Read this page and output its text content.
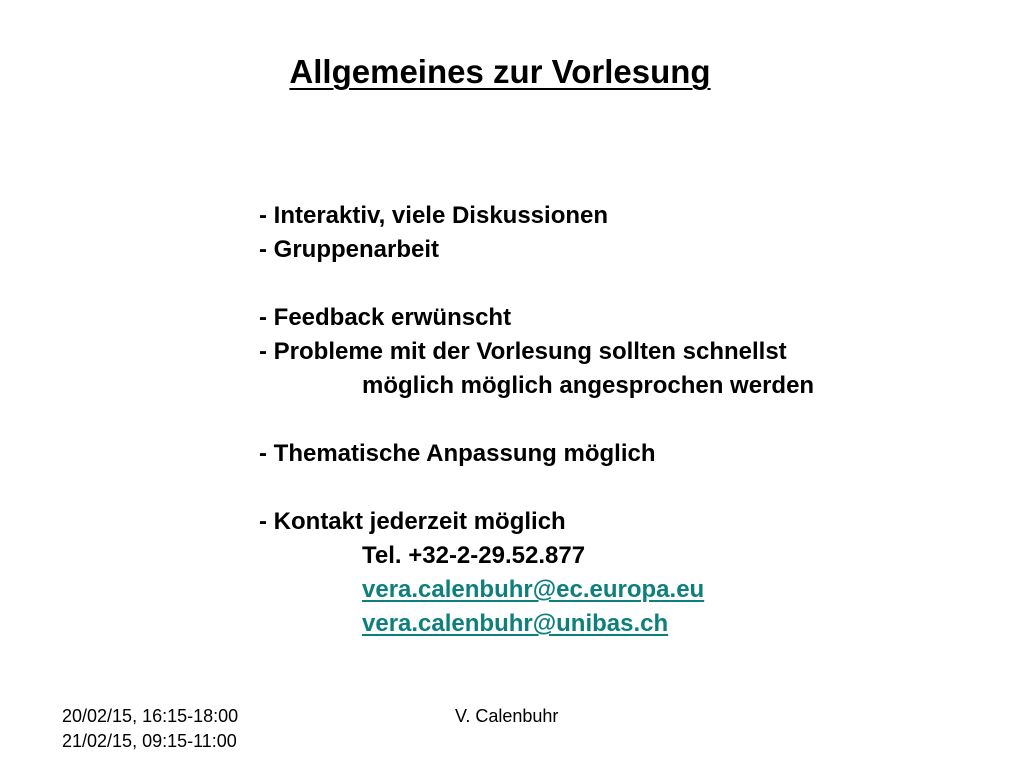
Allgemeines zur Vorlesung
- Interaktiv, viele Diskussionen
- Gruppenarbeit
- Feedback erwünscht
- Probleme mit der Vorlesung sollten schnellst
möglich möglich angesprochen werden
- Thematische Anpassung möglich
- Kontakt jederzeit möglich
Tel. +32-2-29.52.877
vera.calenbuhr@ec.europa.eu
vera.calenbuhr@unibas.ch
20/02/15, 16:15-18:00
21/02/15, 09:15-11:00
V. Calenbuhr
